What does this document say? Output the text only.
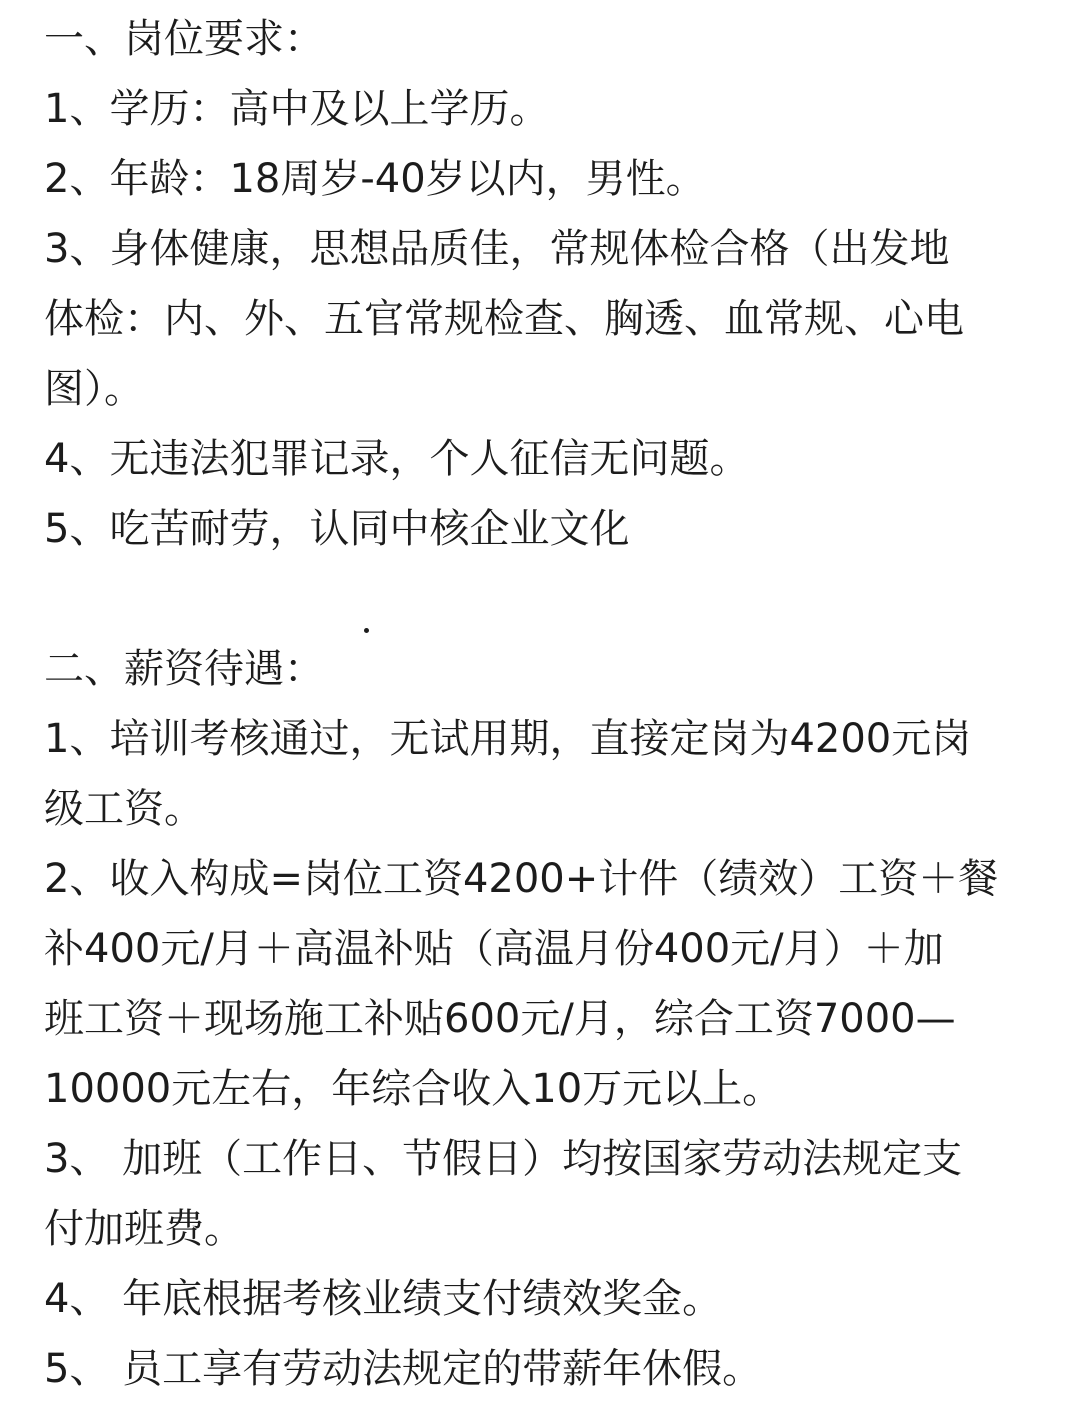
一、岗位要求：
1、学历：高中及以上学历。
2、年龄：18周岁-40岁以内，男性。
3、身体健康，思想品质佳，常规体检合格（出发地
体检：内、外、五官常规检查、胸透、血常规、心电
图）。
4、无违法犯罪记录，个人征信无问题。
5、吃苦耐劳，认同中核企业文化
二、薪资待遇：
1、培训考核通过，无试用期，直接定岗为4200元岗
级工资。
2、收入构成=岗位工资4200+计件（绩效）工资＋餐
补400元/月＋高温补贴（高温月份400元/月）＋加
班工资＋现场施工补贴600元/月，综合工资7000—
10000元左右，年综合收入10万元以上。
3、 加班（工作日、节假日）均按国家劳动法规定支
付加班费。
4、 年底根据考核业绩支付绩效奖金。
5、 员工享有劳动法规定的带薪年休假。
